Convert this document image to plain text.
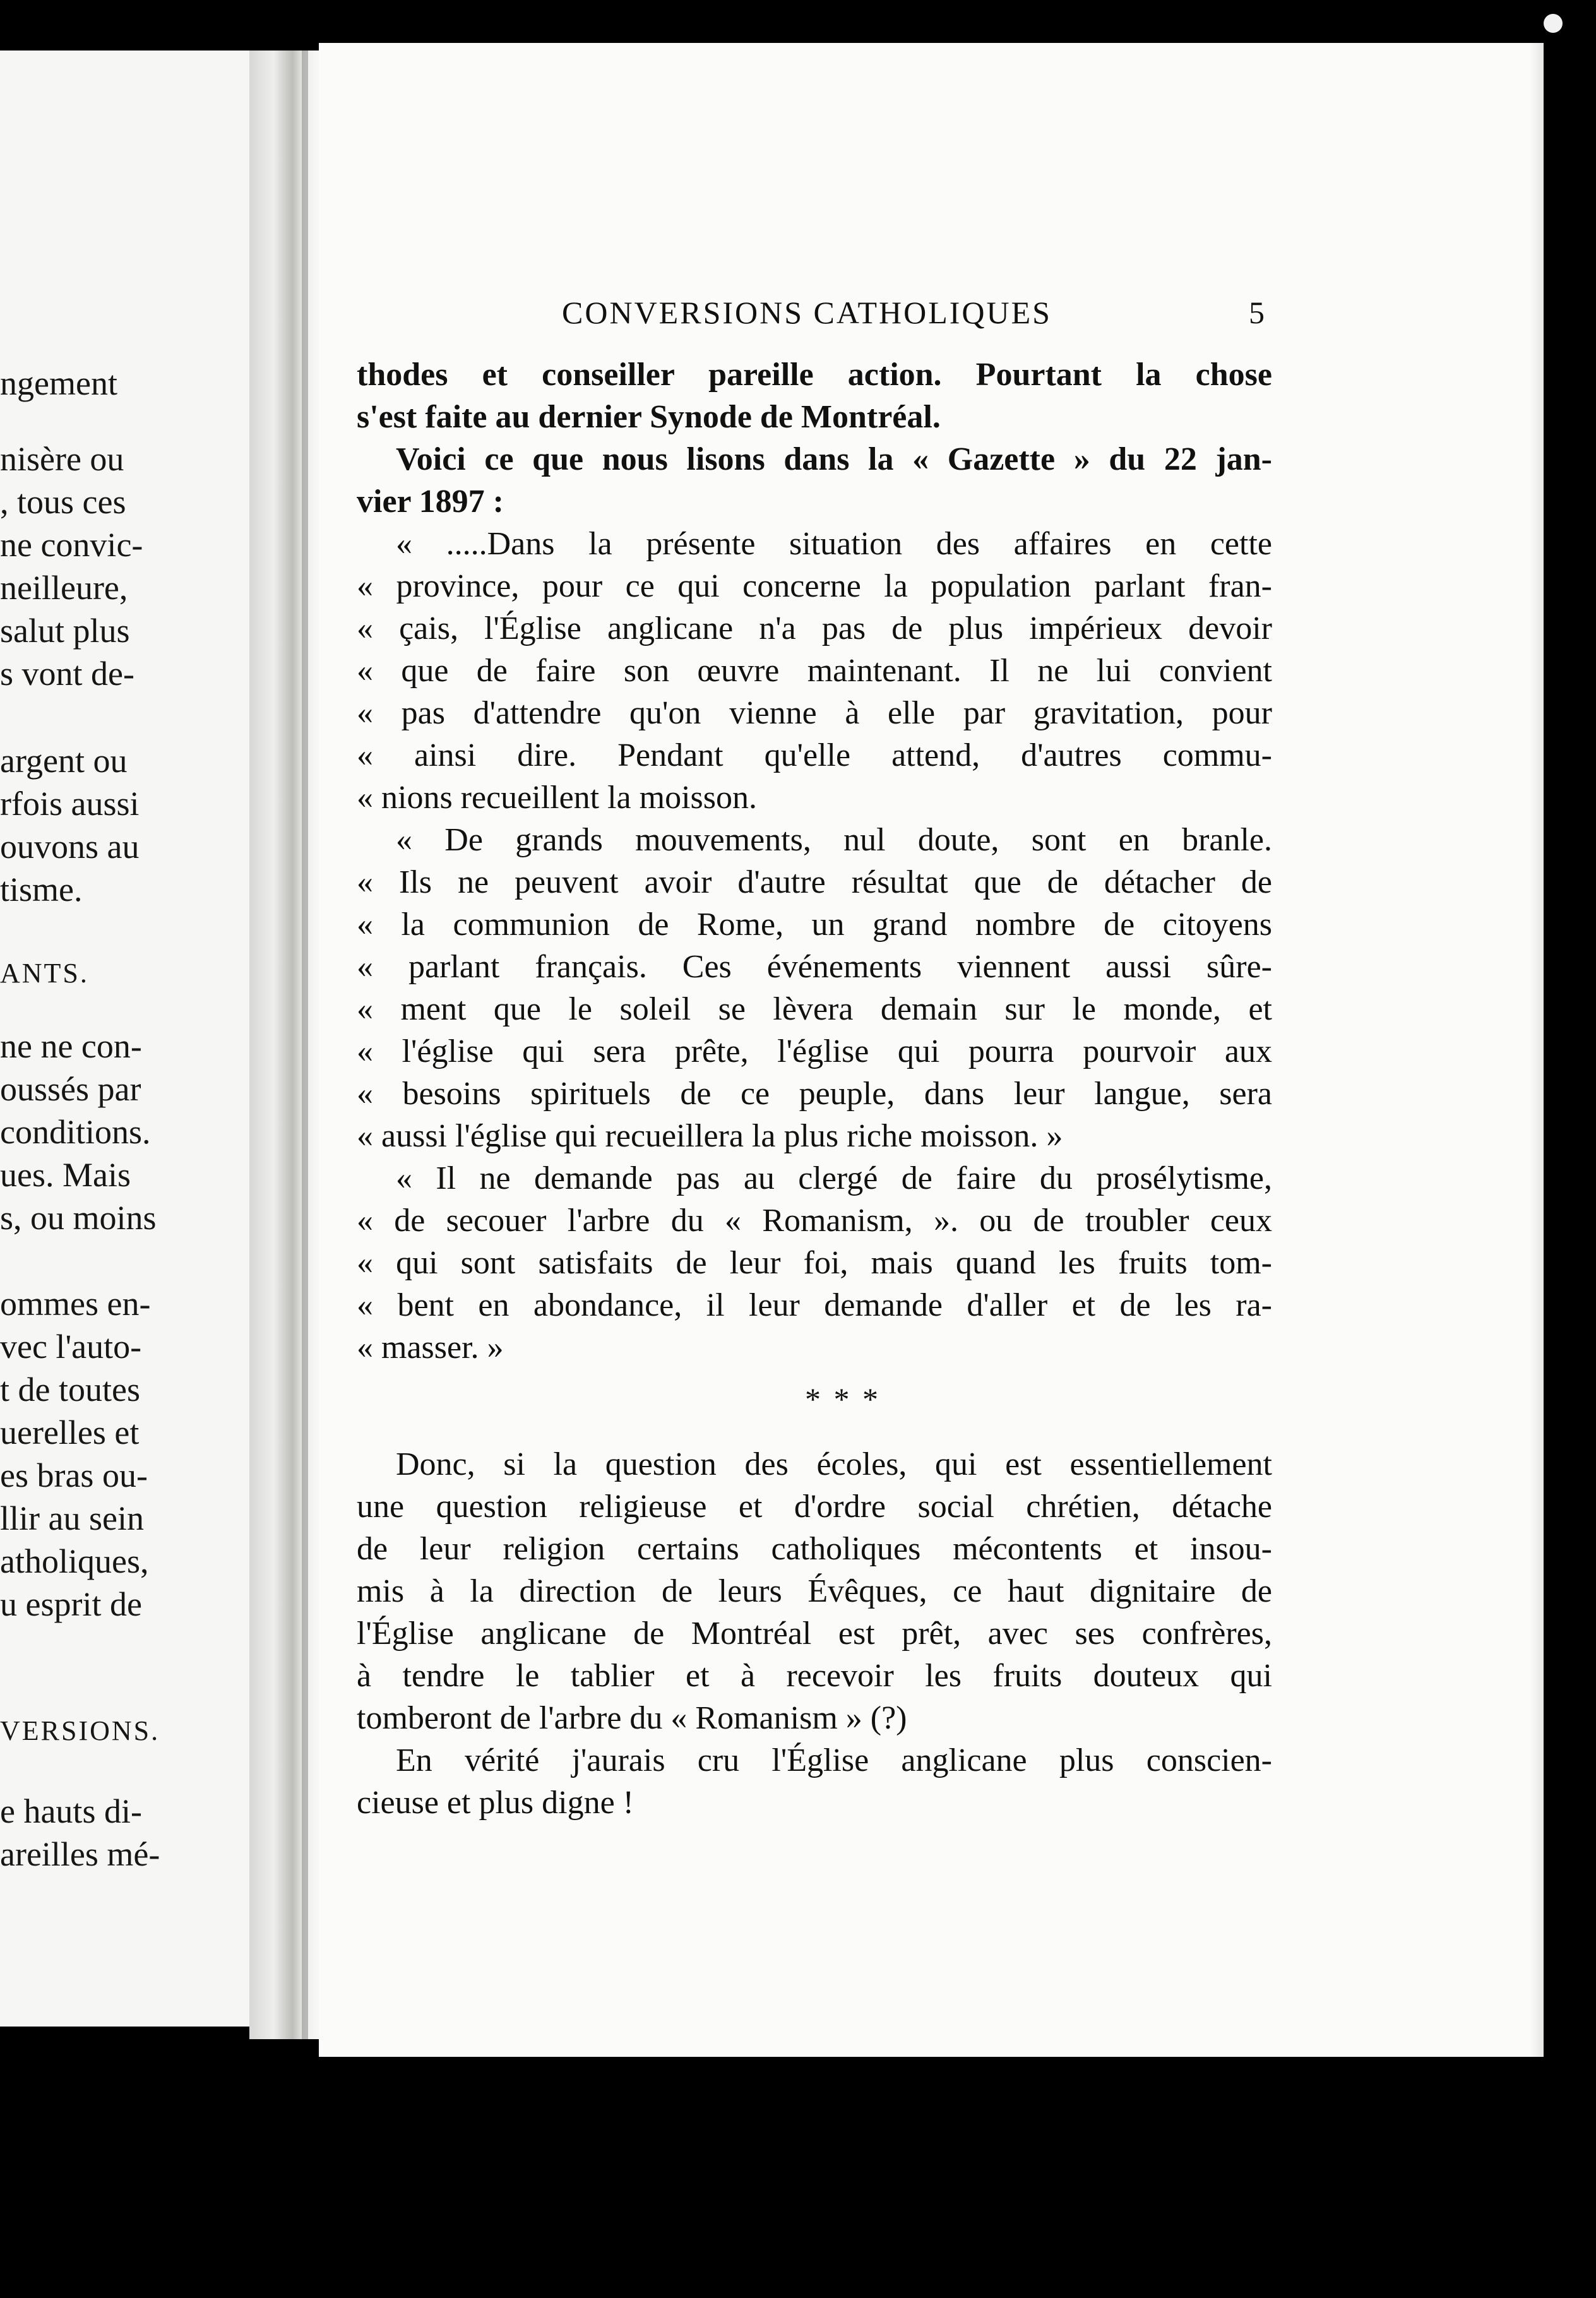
ngement
nisère ou
, tous ces
ne convic-
neilleure,
salut plus
s vont de-
argent ou
rfois aussi
ouvons au
tisme.
ANTS.
ne ne con-
oussés par
conditions.
ues. Mais
s, ou moins
ommes en-
vec l'auto-
t de toutes
uerelles et
es bras ou-
llir au sein
atholiques,
u esprit de
VERSIONS.
e hauts di-
areilles mé-
CONVERSIONS CATHOLIQUES	5
thodes et conseiller pareille action. Pourtant la chose
s'est faite au dernier Synode de Montréal.
Voici ce que nous lisons dans la « Gazette » du 22 jan-
vier 1897 :
« .....Dans la présente situation des affaires en cette
« province, pour ce qui concerne la population parlant fran-
« çais, l'Église anglicane n'a pas de plus impérieux devoir
« que de faire son œuvre maintenant. Il ne lui convient
« pas d'attendre qu'on vienne à elle par gravitation, pour
« ainsi dire. Pendant qu'elle attend, d'autres commu-
« nions recueillent la moisson.
« De grands mouvements, nul doute, sont en branle.
« Ils ne peuvent avoir d'autre résultat que de détacher de
« la communion de Rome, un grand nombre de citoyens
« parlant français. Ces événements viennent aussi sûre-
« ment que le soleil se lèvera demain sur le monde, et
« l'église qui sera prête, l'église qui pourra pourvoir aux
« besoins spirituels de ce peuple, dans leur langue, sera
« aussi l'église qui recueillera la plus riche moisson. »
« Il ne demande pas au clergé de faire du prosélytisme,
« de secouer l'arbre du « Romanism, ». ou de troubler ceux
« qui sont satisfaits de leur foi, mais quand les fruits tom-
« bent en abondance, il leur demande d'aller et de les ra-
« masser. »
* * *
Donc, si la question des écoles, qui est essentiellement
une question religieuse et d'ordre social chrétien, détache
de leur religion certains catholiques mécontents et insou-
mis à la direction de leurs Évêques, ce haut dignitaire de
l'Église anglicane de Montréal est prêt, avec ses confrères,
à tendre le tablier et à recevoir les fruits douteux qui
tomberont de l'arbre du « Romanism » (?)
En vérité j'aurais cru l'Église anglicane plus conscien-
cieuse et plus digne !
